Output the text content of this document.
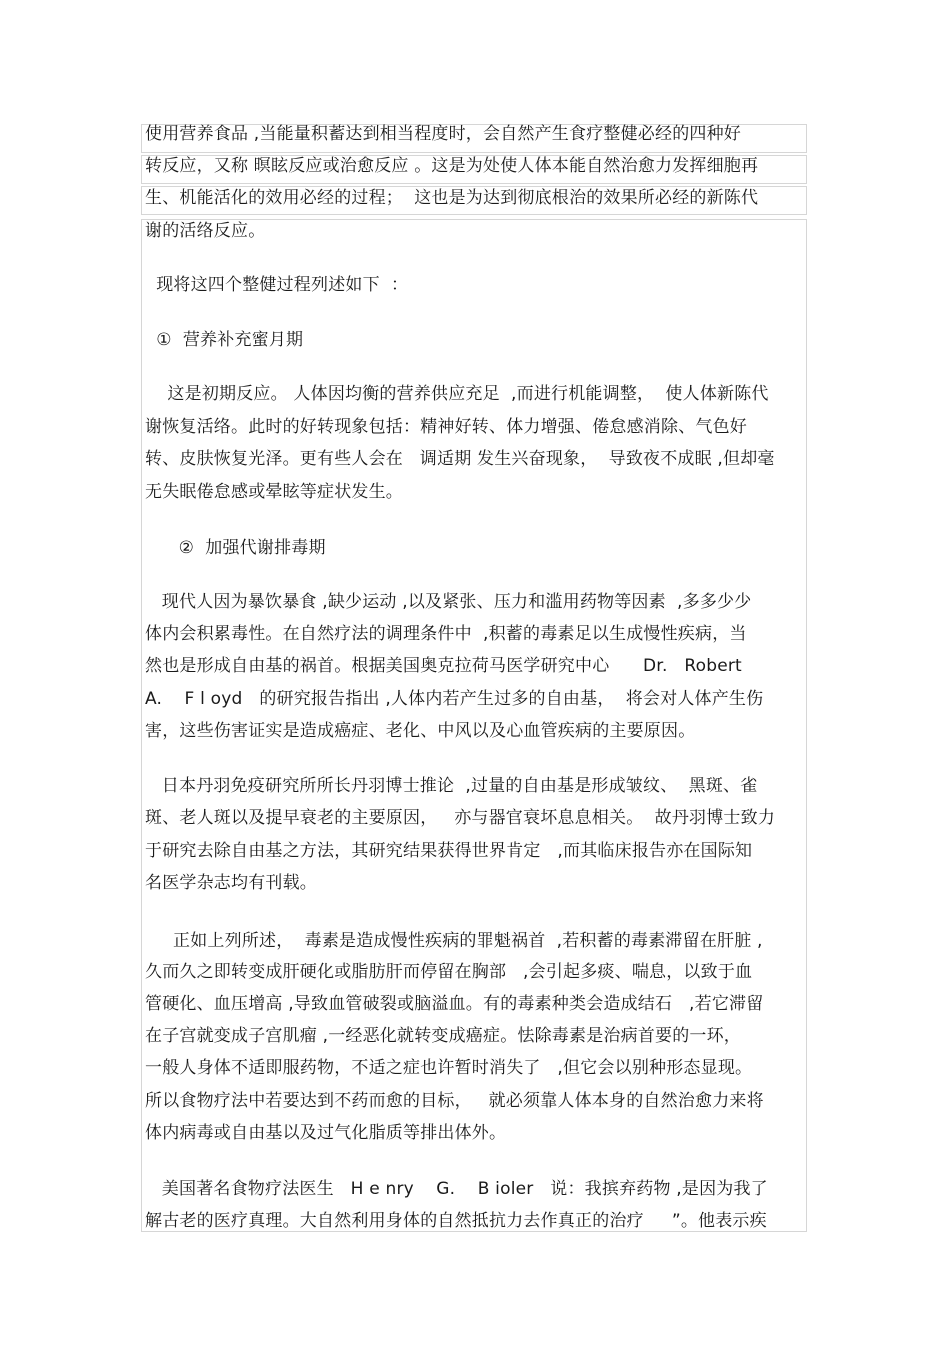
使用营养食品 ,当能量积蓄达到相当程度时，会自然产生食疗整健必经的四种好
转反应，又称 暝眩反应或治愈反应 。这是为处使人体本能自然治愈力发挥细胞再
生、机能活化的效用必经的过程；  这也是为达到彻底根治的效果所必经的新陈代
谢的活络反应。
现将这四个整健过程列述如下  ：
①  营养补充蜜月期
这是初期反应。 人体因均衡的营养供应充足  ,而进行机能调整，  使人体新陈代
谢恢复活络。此时的好转现象包括：精神好转、体力增强、倦怠感消除、气色好
转、皮肤恢复光泽。更有些人会在   调适期 发生兴奋现象，  导致夜不成眠 ,但却毫
无失眠倦怠感或晕眩等症状发生。
②  加强代谢排毒期
现代人因为暴饮暴食 ,缺少运动 ,以及紧张、压力和滥用药物等因素  ,多多少少
体内会积累毒性。在自然疗法的调理条件中  ,积蓄的毒素足以生成慢性疾病，当
然也是形成自由基的祸首。根据美国奥克拉荷马医学研究中心      Dr.   Robert
A.    F l oyd   的研究报告指出 ,人体内若产生过多的自由基，  将会对人体产生伤
害，这些伤害证实是造成癌症、老化、中风以及心血管疾病的主要原因。
日本丹羽免疫研究所所长丹羽博士推论  ,过量的自由基是形成皱纹、  黑斑、雀
斑、老人斑以及提早衰老的主要原因，   亦与器官衰坏息息相关。  故丹羽博士致力
于研究去除自由基之方法，其研究结果获得世界肯定   ,而其临床报告亦在国际知
名医学杂志均有刊载。
正如上列所述，  毒素是造成慢性疾病的罪魁祸首  ,若积蓄的毒素滞留在肝脏 ,
久而久之即转变成肝硬化或脂肪肝而停留在胸部   ,会引起多痰、喘息，以致于血
管硬化、血压增高 ,导致血管破裂或脑溢血。有的毒素种类会造成结石   ,若它滞留
在子宫就变成子宫肌瘤 ,一经恶化就转变成癌症。怯除毒素是治病首要的一环，
一般人身体不适即服药物，不适之症也许暂时消失了   ,但它会以别种形态显现。
所以食物疗法中若要达到不药而愈的目标，   就必须靠人体本身的自然治愈力来将
体内病毒或自由基以及过气化脂质等排出体外。
美国著名食物疗法医生   H e nry    G.    B ioler   说：我摈弃药物 ,是因为我了
解古老的医疗真理。大自然利用身体的自然抵抗力去作真正的治疗     ”。他表示疾
